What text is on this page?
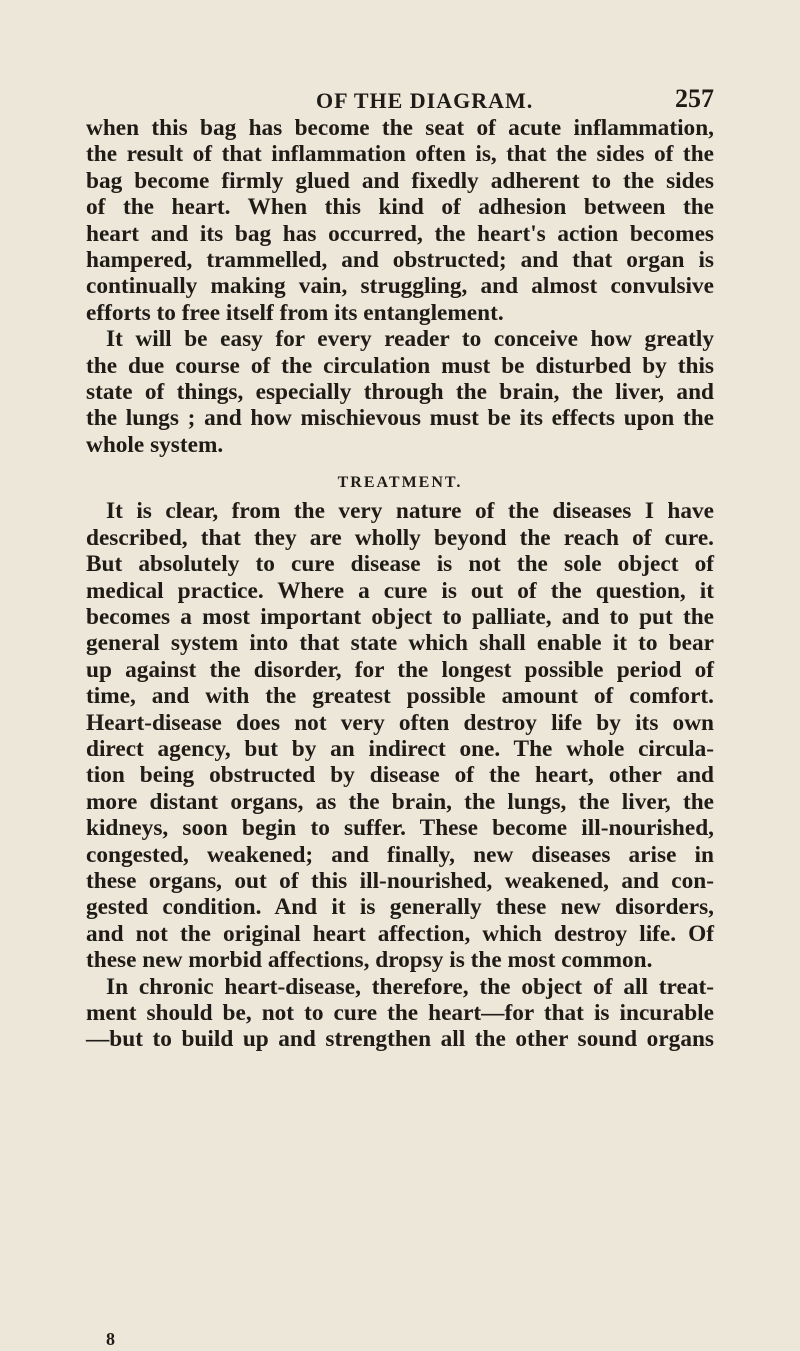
OF THE DIAGRAM.	257
when this bag has become the seat of acute inflammation,
the result of that inflammation often is, that the sides of the
bag become firmly glued and fixedly adherent to the sides
of the heart. When this kind of adhesion between the
heart and its bag has occurred, the heart's action becomes
hampered, trammelled, and obstructed; and that organ is
continually making vain, struggling, and almost convulsive
efforts to free itself from its entanglement.
It will be easy for every reader to conceive how greatly
the due course of the circulation must be disturbed by this
state of things, especially through the brain, the liver, and
the lungs ; and how mischievous must be its effects upon the
whole system.
TREATMENT.
It is clear, from the very nature of the diseases I have
described, that they are wholly beyond the reach of cure.
But absolutely to cure disease is not the sole object of
medical practice. Where a cure is out of the question, it
becomes a most important object to palliate, and to put the
general system into that state which shall enable it to bear
up against the disorder, for the longest possible period of
time, and with the greatest possible amount of comfort.
Heart-disease does not very often destroy life by its own
direct agency, but by an indirect one. The whole circula-
tion being obstructed by disease of the heart, other and
more distant organs, as the brain, the lungs, the liver, the
kidneys, soon begin to suffer. These become ill-nourished,
congested, weakened; and finally, new diseases arise in
these organs, out of this ill-nourished, weakened, and con-
gested condition. And it is generally these new disorders,
and not the original heart affection, which destroy life. Of
these new morbid affections, dropsy is the most common.
In chronic heart-disease, therefore, the object of all treat-
ment should be, not to cure the heart—for that is incurable
—but to build up and strengthen all the other sound organs
8
